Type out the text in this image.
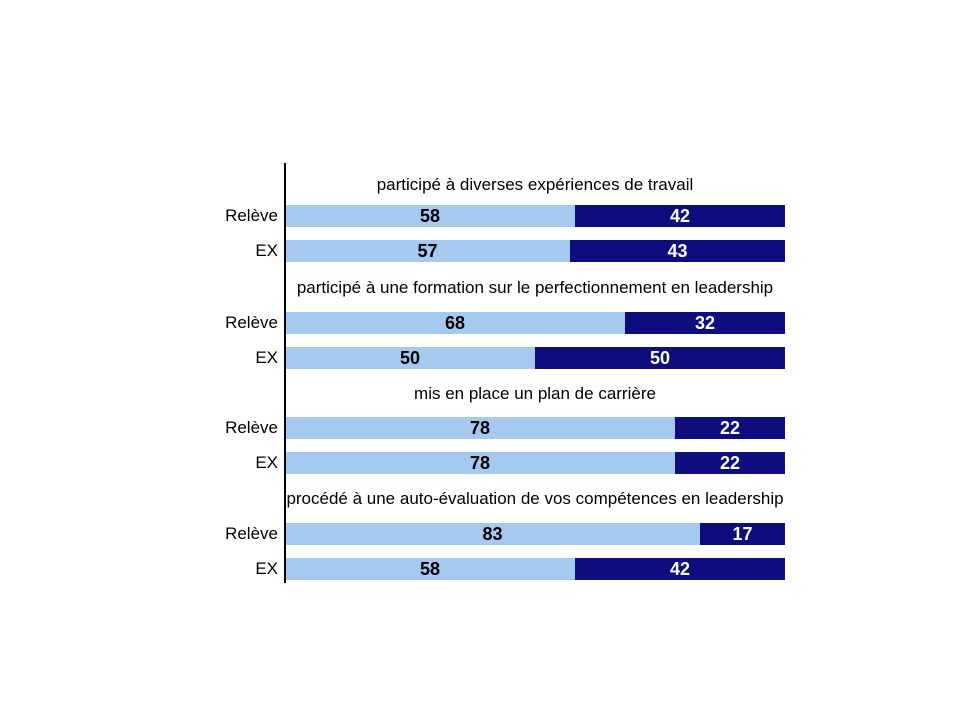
participé à diverses expériences de travail
Relève	58	42
EX	57	43
participé à une formation sur le perfectionnement en leadership
Relève	68	32
EX	50	50
mis en place un plan de carrière
Relève	78	22
EX	78	22
procédé à une auto-évaluation de vos compétences en leadership
Relève	83	17
EX	58	42
